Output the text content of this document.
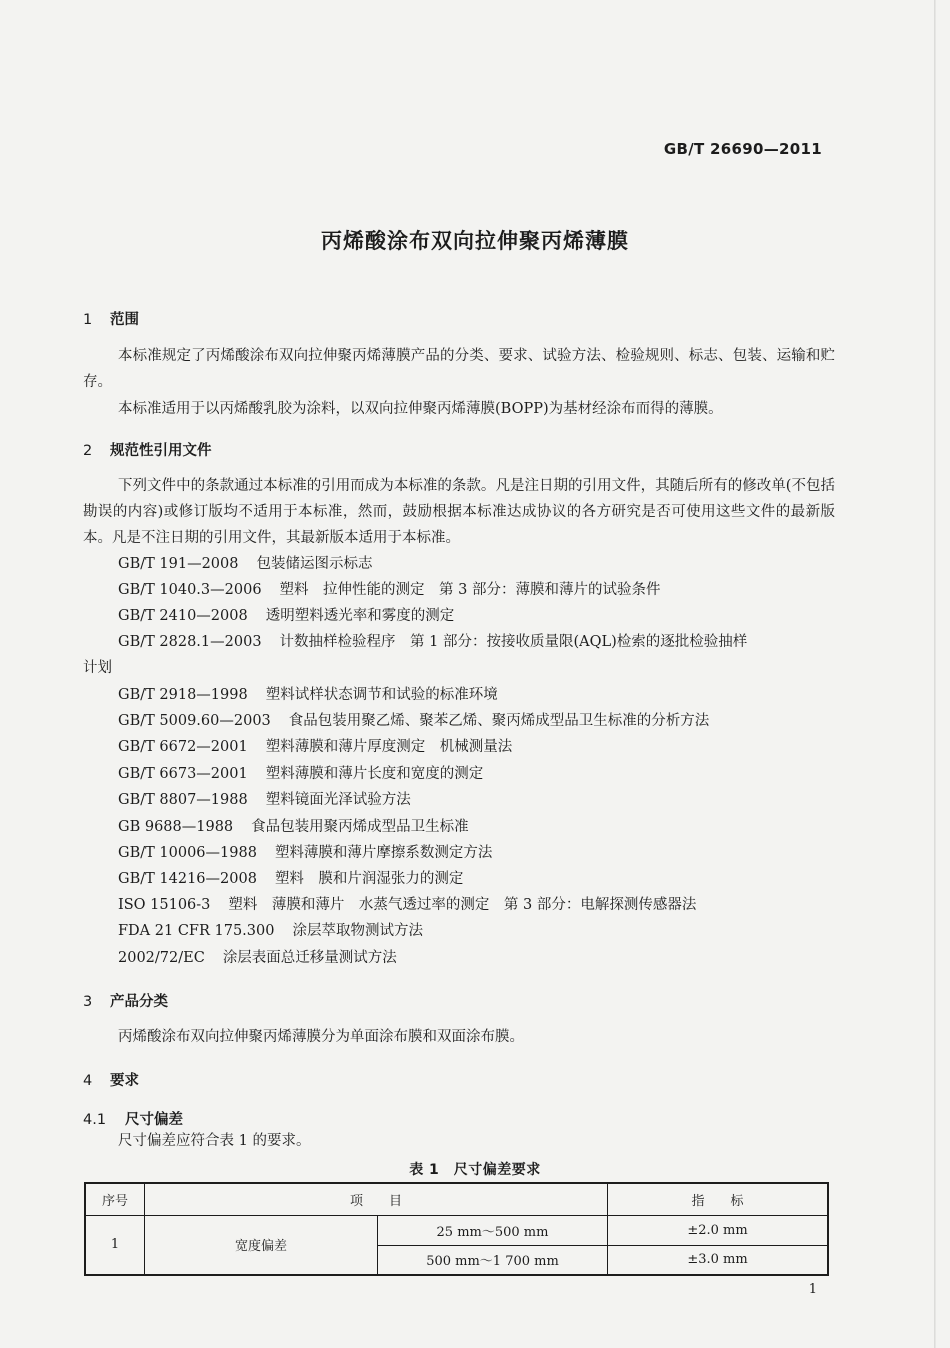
GB/T 26690—2011
丙烯酸涂布双向拉伸聚丙烯薄膜
1 范围
本标准规定了丙烯酸涂布双向拉伸聚丙烯薄膜产品的分类、要求、试验方法、检验规则、标志、包装、运输和贮存。
本标准适用于以丙烯酸乳胶为涂料，以双向拉伸聚丙烯薄膜(BOPP)为基材经涂布而得的薄膜。
2 规范性引用文件
下列文件中的条款通过本标准的引用而成为本标准的条款。凡是注日期的引用文件，其随后所有的修改单(不包括勘误的内容)或修订版均不适用于本标准，然而，鼓励根据本标准达成协议的各方研究是否可使用这些文件的最新版本。凡是不注日期的引用文件，其最新版本适用于本标准。
GB/T 191—2008 包装储运图示标志
GB/T 1040.3—2006 塑料　拉伸性能的测定　第 3 部分：薄膜和薄片的试验条件
GB/T 2410—2008 透明塑料透光率和雾度的测定
GB/T 2828.1—2003 计数抽样检验程序　第 1 部分：按接收质量限(AQL)检索的逐批检验抽样
计划
GB/T 2918—1998 塑料试样状态调节和试验的标准环境
GB/T 5009.60—2003 食品包装用聚乙烯、聚苯乙烯、聚丙烯成型品卫生标准的分析方法
GB/T 6672—2001 塑料薄膜和薄片厚度测定　机械测量法
GB/T 6673—2001 塑料薄膜和薄片长度和宽度的测定
GB/T 8807—1988 塑料镜面光泽试验方法
GB 9688—1988 食品包装用聚丙烯成型品卫生标准
GB/T 10006—1988 塑料薄膜和薄片摩擦系数测定方法
GB/T 14216—2008 塑料　膜和片润湿张力的测定
ISO 15106-3 塑料　薄膜和薄片　水蒸气透过率的测定　第 3 部分：电解探测传感器法
FDA 21 CFR 175.300 涂层萃取物测试方法
2002/72/EC 涂层表面总迁移量测试方法
3 产品分类
丙烯酸涂布双向拉伸聚丙烯薄膜分为单面涂布膜和双面涂布膜。
4 要求
4.1 尺寸偏差
尺寸偏差应符合表 1 的要求。
表 1　尺寸偏差要求
序号	项　　目		指　　标
1	宽度偏差	25 mm～500 mm	±2.0 mm
		500 mm～1 700 mm	±3.0 mm
1
